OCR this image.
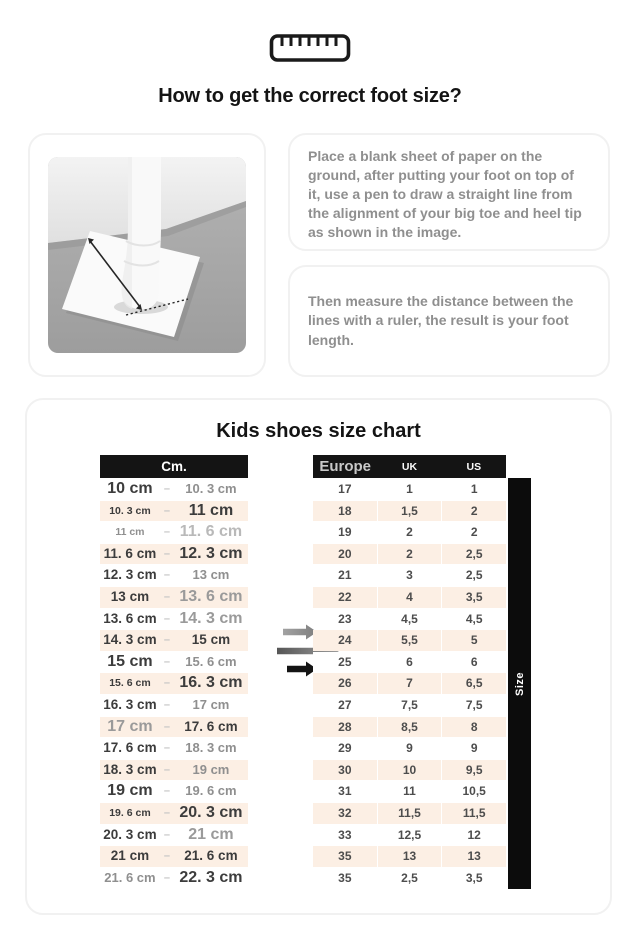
How to get the correct foot size?
Place a blank sheet of paper on the ground, after putting your foot on top of it, use a pen to draw a straight line from the alignment of your big toe and heel tip as shown in the image.
Then measure the distance between the lines with a ruler, the result is your foot length.
Kids shoes size chart
Cm.
10 cm	–	10. 3 cm
10. 3 cm	–	11 cm
11 cm	– 11. 6 cm
11. 6 cm – 12. 3 cm
12. 3 cm –	13 cm
13 cm	– 13. 6 cm
13. 6 cm – 14. 3 cm
14. 3 cm –	15 cm
15 cm	–	15. 6 cm
15. 6 cm	– 16. 3 cm
16. 3 cm –	17 cm
17 cm	–	17. 6 cm
17. 6 cm –	18. 3 cm
18. 3 cm –	19 cm
19 cm	–	19. 6 cm
19. 6 cm	– 20. 3 cm
20. 3 cm –	21 cm
21 cm	–	21. 6 cm
21. 6 cm – 22. 3 cm
Europe	UK	US
17	1	1
18	1,5	2
19	2	2
20	2	2,5
21	3	2,5
22	4	3,5
23	4,5	4,5
24	5,5	5
25	6	6
26	7	6,5
27	7,5	7,5
28	8,5	8
29	9	9
30	10	9,5
31	11	10,5
32	11,5	11,5
33	12,5	12
35	13	13
35	2,5	3,5
Size
